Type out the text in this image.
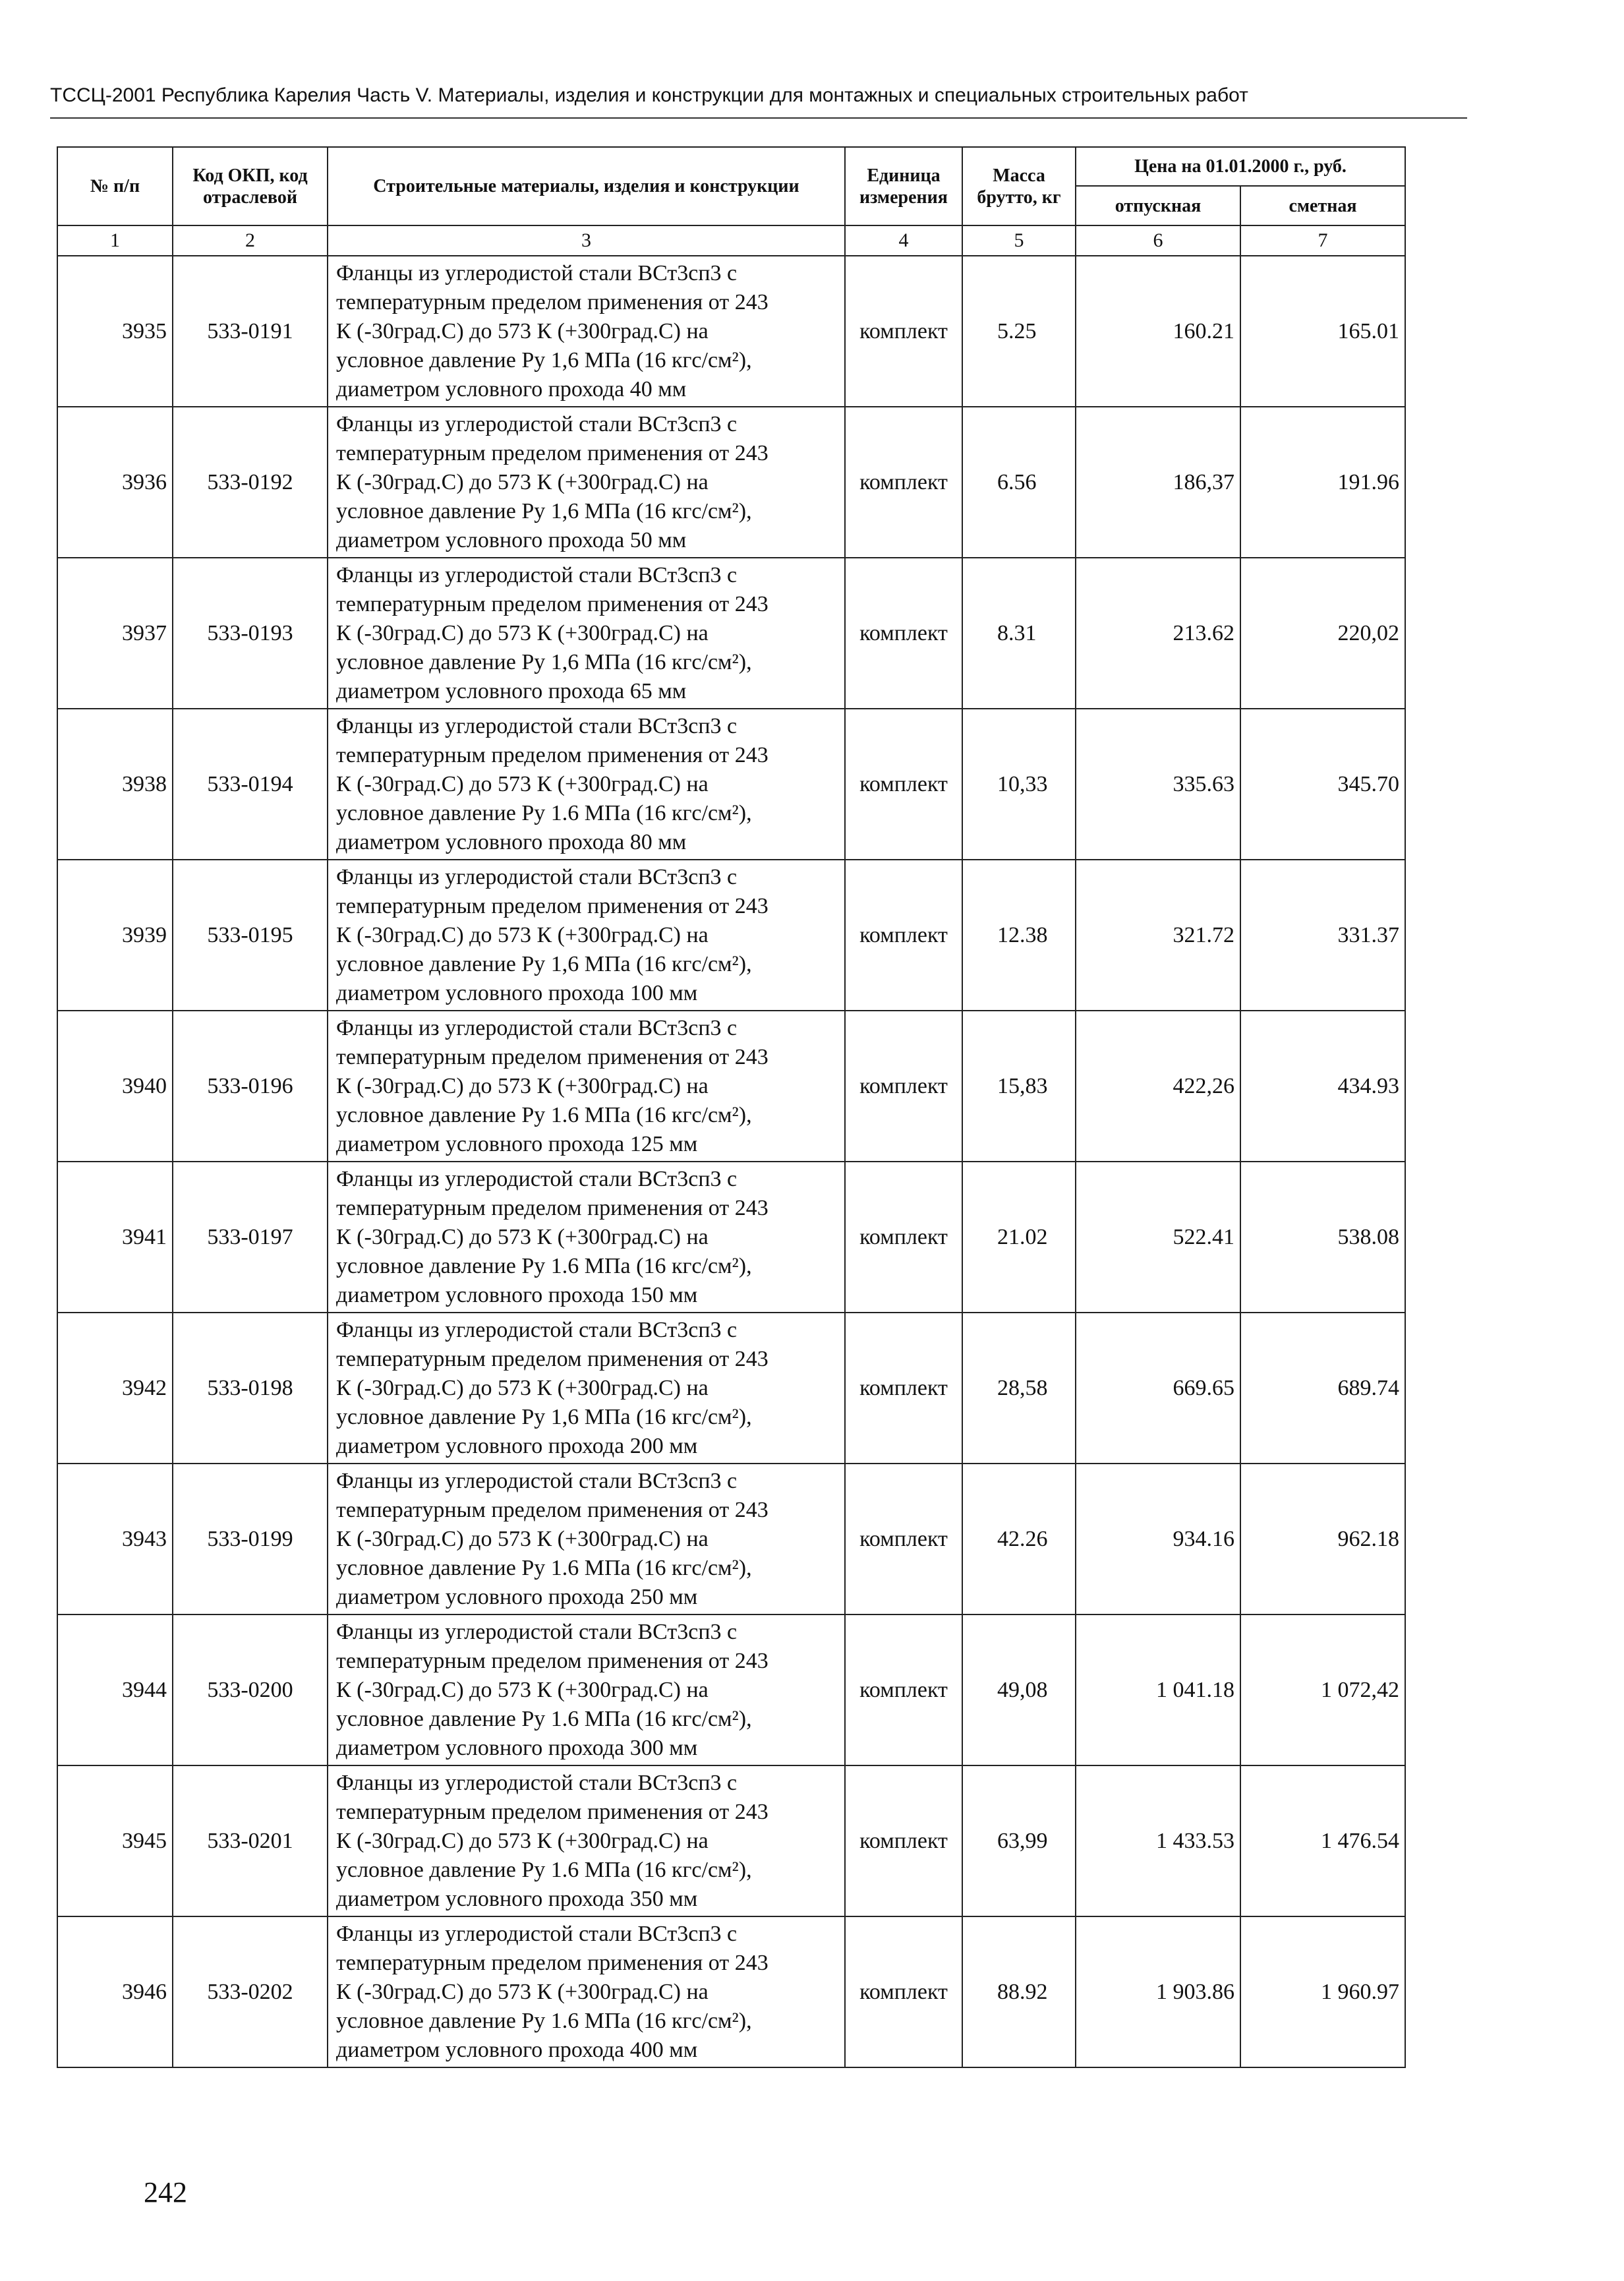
ТССЦ-2001 Республика Карелия Часть V. Материалы, изделия и конструкции для монтажных и специальных строительных работ
№ п/п	Код ОКП, код отраслевой	Строительные материалы, изделия и конструкции	Единица измерения	Масса брутто, кг	Цена на 01.01.2000 г., руб.	
					отпускная	сметная
1	2	3	4	5	6	7
3935	533-0191	Фланцы из углеродистой стали ВСт3сп3 с
температурным пределом применения от 243
К (-30град.С) до 573 К (+300град.С) на
условное давление Ру 1,6 МПа (16 кгс/см²),
диаметром условного прохода 40 мм	комплект	5.25	160.21	165.01
3936	533-0192	Фланцы из углеродистой стали ВСт3сп3 с
температурным пределом применения от 243
К (-30град.С) до 573 К (+300град.С) на
условное давление Ру 1,6 МПа (16 кгс/см²),
диаметром условного прохода 50 мм	комплект	6.56	186,37	191.96
3937	533-0193	Фланцы из углеродистой стали ВСт3сп3 с
температурным пределом применения от 243
К (-30град.С) до 573 К (+300град.С) на
условное давление Ру 1,6 МПа (16 кгс/см²),
диаметром условного прохода 65 мм	комплект	8.31	213.62	220,02
3938	533-0194	Фланцы из углеродистой стали ВСт3сп3 с
температурным пределом применения от 243
К (-30град.С) до 573 К (+300град.С) на
условное давление Ру 1.6 МПа (16 кгс/см²),
диаметром условного прохода 80 мм	комплект	10,33	335.63	345.70
3939	533-0195	Фланцы из углеродистой стали ВСт3сп3 с
температурным пределом применения от 243
К (-30град.С) до 573 К (+300град.С) на
условное давление Ру 1,6 МПа (16 кгс/см²),
диаметром условного прохода 100 мм	комплект	12.38	321.72	331.37
3940	533-0196	Фланцы из углеродистой стали ВСт3сп3 с
температурным пределом применения от 243
К (-30град.С) до 573 К (+300град.С) на
условное давление Ру 1.6 МПа (16 кгс/см²),
диаметром условного прохода 125 мм	комплект	15,83	422,26	434.93
3941	533-0197	Фланцы из углеродистой стали ВСт3сп3 с
температурным пределом применения от 243
К (-30град.С) до 573 К (+300град.С) на
условное давление Ру 1.6 МПа (16 кгс/см²),
диаметром условного прохода 150 мм	комплект	21.02	522.41	538.08
3942	533-0198	Фланцы из углеродистой стали ВСт3сп3 с
температурным пределом применения от 243
К (-30град.С) до 573 К (+300град.С) на
условное давление Ру 1,6 МПа (16 кгс/см²),
диаметром условного прохода 200 мм	комплект	28,58	669.65	689.74
3943	533-0199	Фланцы из углеродистой стали ВСт3сп3 с
температурным пределом применения от 243
К (-30град.С) до 573 К (+300град.С) на
условное давление Ру 1.6 МПа (16 кгс/см²),
диаметром условного прохода 250 мм	комплект	42.26	934.16	962.18
3944	533-0200	Фланцы из углеродистой стали ВСт3сп3 с
температурным пределом применения от 243
К (-30град.С) до 573 К (+300град.С) на
условное давление Ру 1.6 МПа (16 кгс/см²),
диаметром условного прохода 300 мм	комплект	49,08	1 041.18	1 072,42
3945	533-0201	Фланцы из углеродистой стали ВСт3сп3 с
температурным пределом применения от 243
К (-30град.С) до 573 К (+300град.С) на
условное давление Ру 1.6 МПа (16 кгс/см²),
диаметром условного прохода 350 мм	комплект	63,99	1 433.53	1 476.54
3946	533-0202	Фланцы из углеродистой стали ВСт3сп3 с
температурным пределом применения от 243
К (-30град.С) до 573 К (+300град.С) на
условное давление Ру 1.6 МПа (16 кгс/см²),
диаметром условного прохода 400 мм	комплект	88.92	1 903.86	1 960.97
242
